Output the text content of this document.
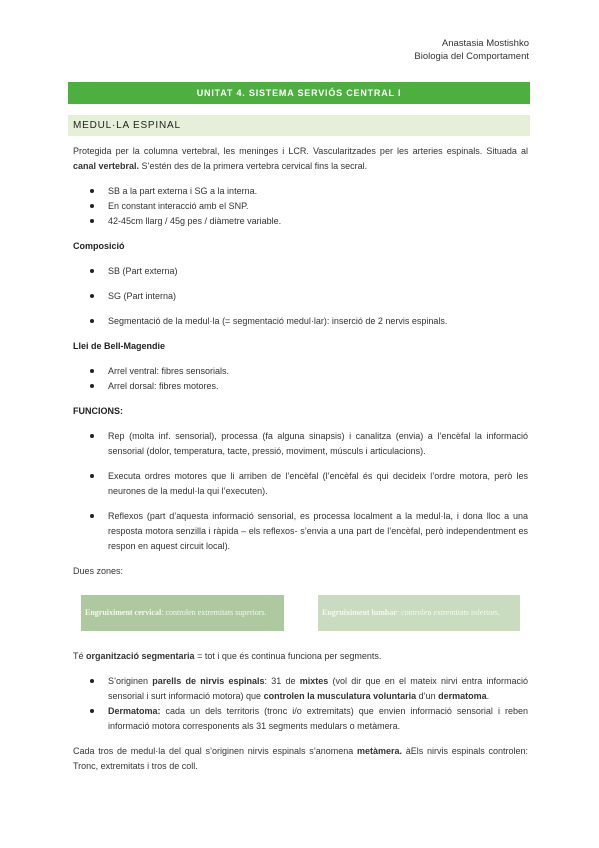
Anastasia Mostishko
Biologia del Comportament
UNITAT 4. SISTEMA SERVIÓS CENTRAL I
MEDUL·LA ESPINAL

Protegida per la columna vertebral, les meninges i LCR. Vascularitzades per les arteries espinals. Situada al canal vertebral. S’estén des de la primera vertebra cervical fins la secral.

SB a la part externa i SG a la interna.
En constant interacció amb el SNP.
42-45cm llarg / 45g pes / diàmetre variable.

Composició

SB (Part externa)
SG (Part interna)
Segmentació de la medul·la (= segmentació medul·lar): inserció de 2 nervis espinals.

Llei de Bell-Magendie

Arrel ventral: fibres sensorials.
Arrel dorsal: fibres motores.

FUNCIONS:

Rep (molta inf. sensorial), processa (fa alguna sinapsis) i canalitza (envia) a l’encèfal la informació sensorial (dolor, temperatura, tacte, pressió, moviment, músculs i articulacions).
Executa ordres motores que li arriben de l’encèfal (l’encèfal és qui decideix l’ordre motora, però les neurones de la medul·la qui l’executen).
Reflexos (part d’aquesta informació sensorial, es processa localment a la medul·la, i dona lloc a una resposta motora senzilla i ràpida – els reflexos- s’envia a una part de l’encèfal, però independentment es respon en aquest circuit local).

Dues zones:

Engruiximent cervical: controlen extremitats superiors.	Engruiximent lumbar: controlen extremitats inferiors.

Té organització segmentaria = tot i que és continua funciona per segments.

S’originen parells de nirvis espinals: 31 de mixtes (vol dir que en el mateix nirvi entra informació sensorial i surt informació motora) que controlen la musculatura voluntaria d’un dermatoma.
Dermatoma: cada un dels territoris (tronc i/o extremitats) que envien informació sensorial i reben informació motora corresponents als 31 segments medulars o metàmera.

Cada tros de medul·la del qual s’originen nirvis espinals s’anomena metàmera. àEls nirvis espinals controlen: Tronc, extremitats i tros de coll.
